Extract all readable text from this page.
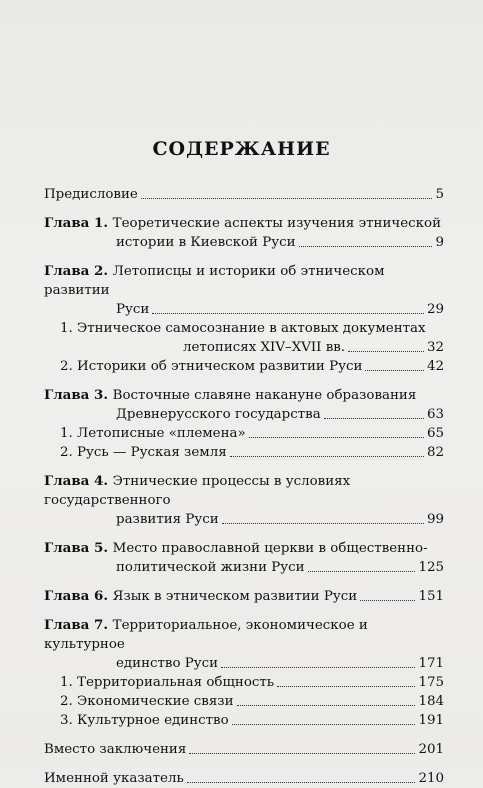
СОДЕРЖАНИЕ
Предисловие	5
Глава 1. Теоретические аспекты изучения этнической
истории в Киевской Руси	9
Глава 2. Летописцы и историки об этническом развитии
Руси	29
1. Этническое самосознание в актовых документах
летописях XIV–XVII вв.	32
2. Историки об этническом развитии Руси	42
Глава 3. Восточные славяне накануне образования
Древнерусского государства	63
1. Летописные «племена»	65
2. Русь — Руская земля	82
Глава 4. Этнические процессы в условиях государственного
развития Руси	99
Глава 5. Место православной церкви в общественно-
политической жизни Руси	125
Глава 6. Язык в этническом развитии Руси	151
Глава 7. Территориальное, экономическое и культурное
единство Руси	171
1. Территориальная общность	175
2. Экономические связи	184
3. Культурное единство	191
Вместо заключения	201
Именной указатель	210
